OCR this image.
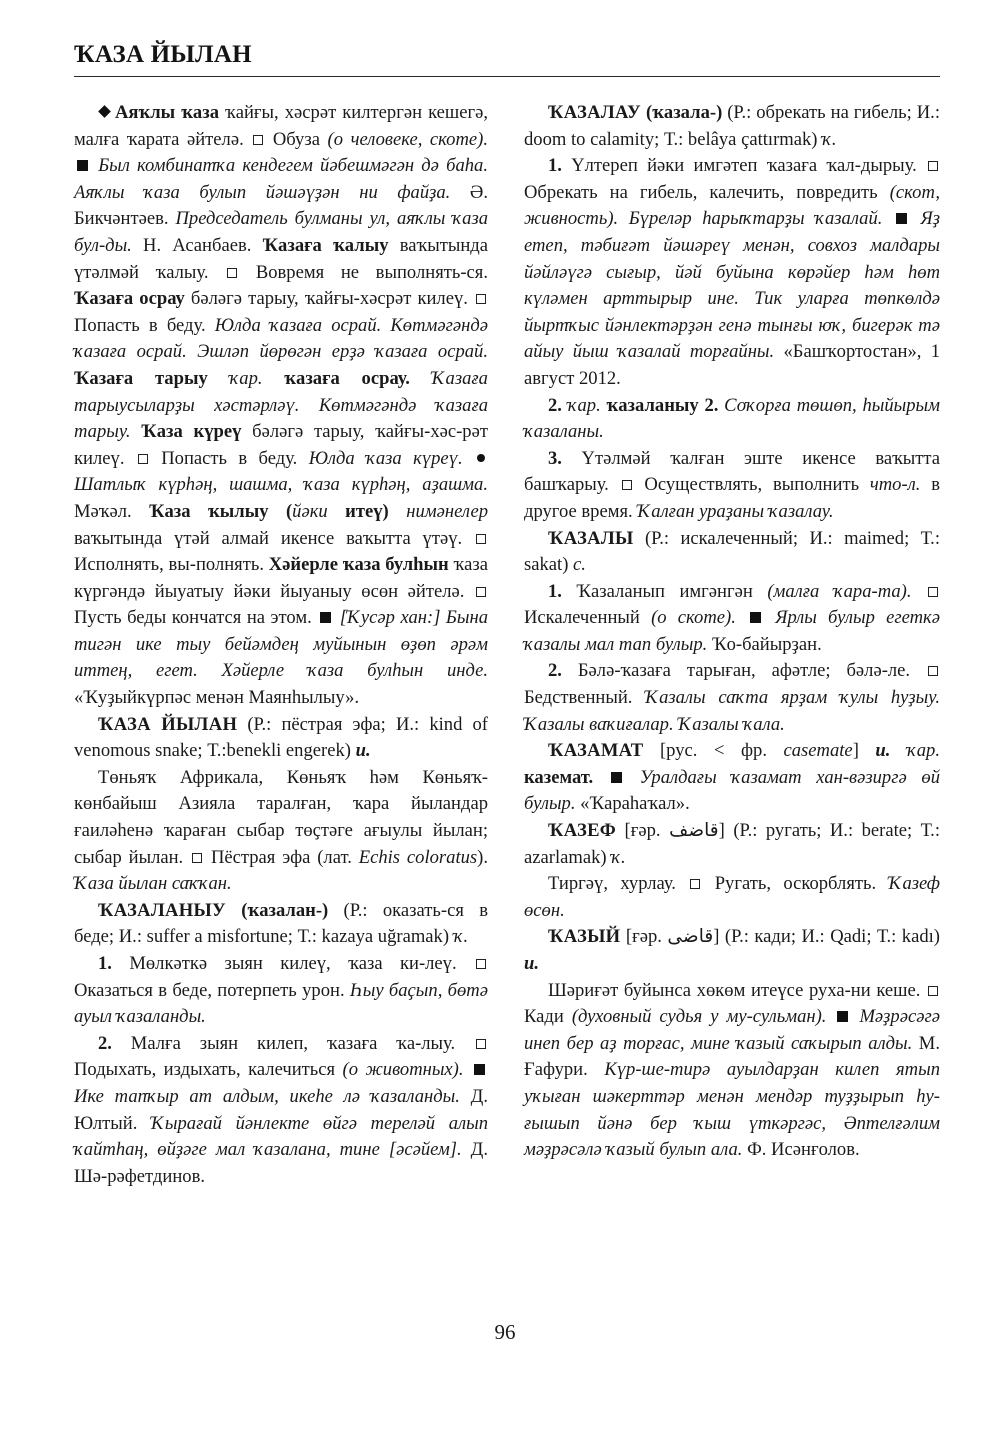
ҠАЗА ЙЫЛАН

Аяҡлы ҡаза ҡайғы, хәсрәт килтергән кешегә, малға ҡарата әйтелә.  Обуза (о человеке, скоте).  Был комбинатҡа кендегем йәбешмәгән дә баһа. Аяҡлы ҡаза булып йәшәүҙән ни файҙа. Ә. Бикчәнтәев. Председатель булманы ул, аяҡлы ҡаза бул-ды. Н. Асанбаев. Ҡазаға ҡалыу ваҡытында үтәлмәй ҡалыу.  Вовремя не выполнять-ся. Ҡазаға осрау бәләгә тарыу, ҡайғы-хәсрәт килеү.  Попасть в беду. Юлда ҡазаға осрай. Көтмәгәндә ҡазаға осрай. Эшләп йөрөгән ерҙә ҡазаға осрай. Ҡазаға тарыу ҡар. ҡазаға осрау. Ҡазаға тарыусыларҙы хәстәрләү. Көтмәгәндә ҡазаға тарыу. Ҡаза күреү бәләгә тарыу, ҡайғы-хәс-рәт килеү.  Попасть в беду. Юлда ҡаза күреү.  Шатлыҡ күрһәң, шашма, ҡаза күрһәң, аҙашма. Мәҡәл. Ҡаза ҡылыу (йәки итеү) нимәнелер ваҡытында үтәй алмай икенсе ваҡытта үтәү.  Исполнять, вы-полнять. Хәйерле ҡаза булһын ҡаза күргәндә йыуатыу йәки йыуаныу өсөн әйтелә.  Пусть беды кончатся на этом.  [Ҡусәр хан:] Бына тигән ике тыу бейәмдең муйынын өҙөп әрәм иттең, егет. Хәйерле ҡаза булһын инде. «Ҡуҙыйкүрпәс менән Маянһылыу».

ҠАЗА ЙЫЛАН (Р.: пёстрая эфа; И.: kind of venomous snake; Т.:benekli engerek) и.

Төньяҡ Африкала, Көньяҡ һәм Көньяҡ-көнбайыш Азияла таралған, ҡара йыландар ғаиләһенә ҡараған сыбар төҫтәге ағыулы йылан; сыбар йылан.  Пёстрая эфа (лат. Echis coloratus). Ҡаза йылан саҡҡан.

ҠАЗАЛАНЫУ (ҡазалан-) (Р.: оказать-ся в беде; И.: suffer a misfortune; Т.: kazaya uğramak) ҡ.

1. Мөлкәткә зыян килеү, ҡаза ки-леү.  Оказаться в беде, потерпеть урон. Һыу баҫып, бөтә ауыл ҡазаланды.

2. Малға зыян килеп, ҡазаға ҡа-лыу.  Подыхать, издыхать, калечиться (о животных).  Ике тапҡыр ат алдым, икеһе лә ҡазаланды. Д. Юлтый. Ҡырағай йәнлекте өйгә тереләй алып ҡайтһаң, өйҙәге мал ҡазалана, тине [әсәйем]. Д. Шә-рәфетдинов.

ҠАЗАЛАУ (ҡазала-) (Р.: обрекать на гибель; И.: doom to calamity; Т.: belâya çattırmak) ҡ.

1. Үлтереп йәки имгәтеп ҡазаға ҡал-дырыу.  Обрекать на гибель, калечить, повредить (скот, живность). Бүреләр һарыҡтарҙы ҡазалай. Яҙ етеп, тәбиғәт йәшәреү менән, совхоз малдары йәйләүгә сығыр, йәй буйына көрәйер һәм һөт күләмен арттырыр ине. Тик уларға төпкөлдә йыртҡыс йәнлектәрҙән генә тынғы юҡ, бигерәк тә айыу йыш ҡазалай торғайны. «Башҡортостан», 1 август 2012.

2. ҡар. ҡазаланыу 2. Соҡорға төшөп, һыйырым ҡазаланы.

3. Үтәлмәй ҡалған эште икенсе ваҡытта башҡарыу.  Осуществлять, выполнить что-л. в другое время. Ҡалған ураҙаны ҡазалау.

ҠАЗАЛЫ (Р.: искалеченный; И.: maimed; Т.: sakat) с.

1. Ҡазаланып имгәнгән (малға ҡара-та).  Искалеченный (о скоте). Ярлы булыр егеткә ҡазалы мал тап булыр. Ҡо-байырҙан.

2. Бәлә-ҡазаға тарыған, афәтле; бәлә-ле.  Бедственный. Ҡазалы саҡта ярҙам ҡулы һуҙыу. Ҡазалы ваҡиғалар. Ҡазалы ҡала.

ҠАЗАМАТ [рус. < фр. casemate] и. ҡар. каземат. Уралдағы ҡазамат хан-вәзиргә өй булыр. «Ҡараһаҡал».

ҠАЗЕФ [ғәр. قاضف] (Р.: ругать; И.: berate; Т.: azarlamak) ҡ.

Тиргәү, хурлау.  Ругать, оскорблять. Ҡазеф өсөн.

ҠАЗЫЙ [ғәр. قاضی] (Р.: кади; И.: Qadi; Т.: kadı) и.

Шәриғәт буйынса хөкөм итеүсе руха-ни кеше.  Кади (духовный судья у му-сульман). Мәҙрәсәгә инеп бер аҙ торғас, мине ҡазый саҡырып алды. М. Ғафури. Күр-ше-тирә ауылдарҙан килеп ятып уҡыған шәкерттәр менән мендәр туҙҙырып һу-ғышып йәнә бер ҡыш үткәргәс, Әптелғәлим мәҙрәсәлә ҡазый булып ала. Ф. Исәнғолов.

96
